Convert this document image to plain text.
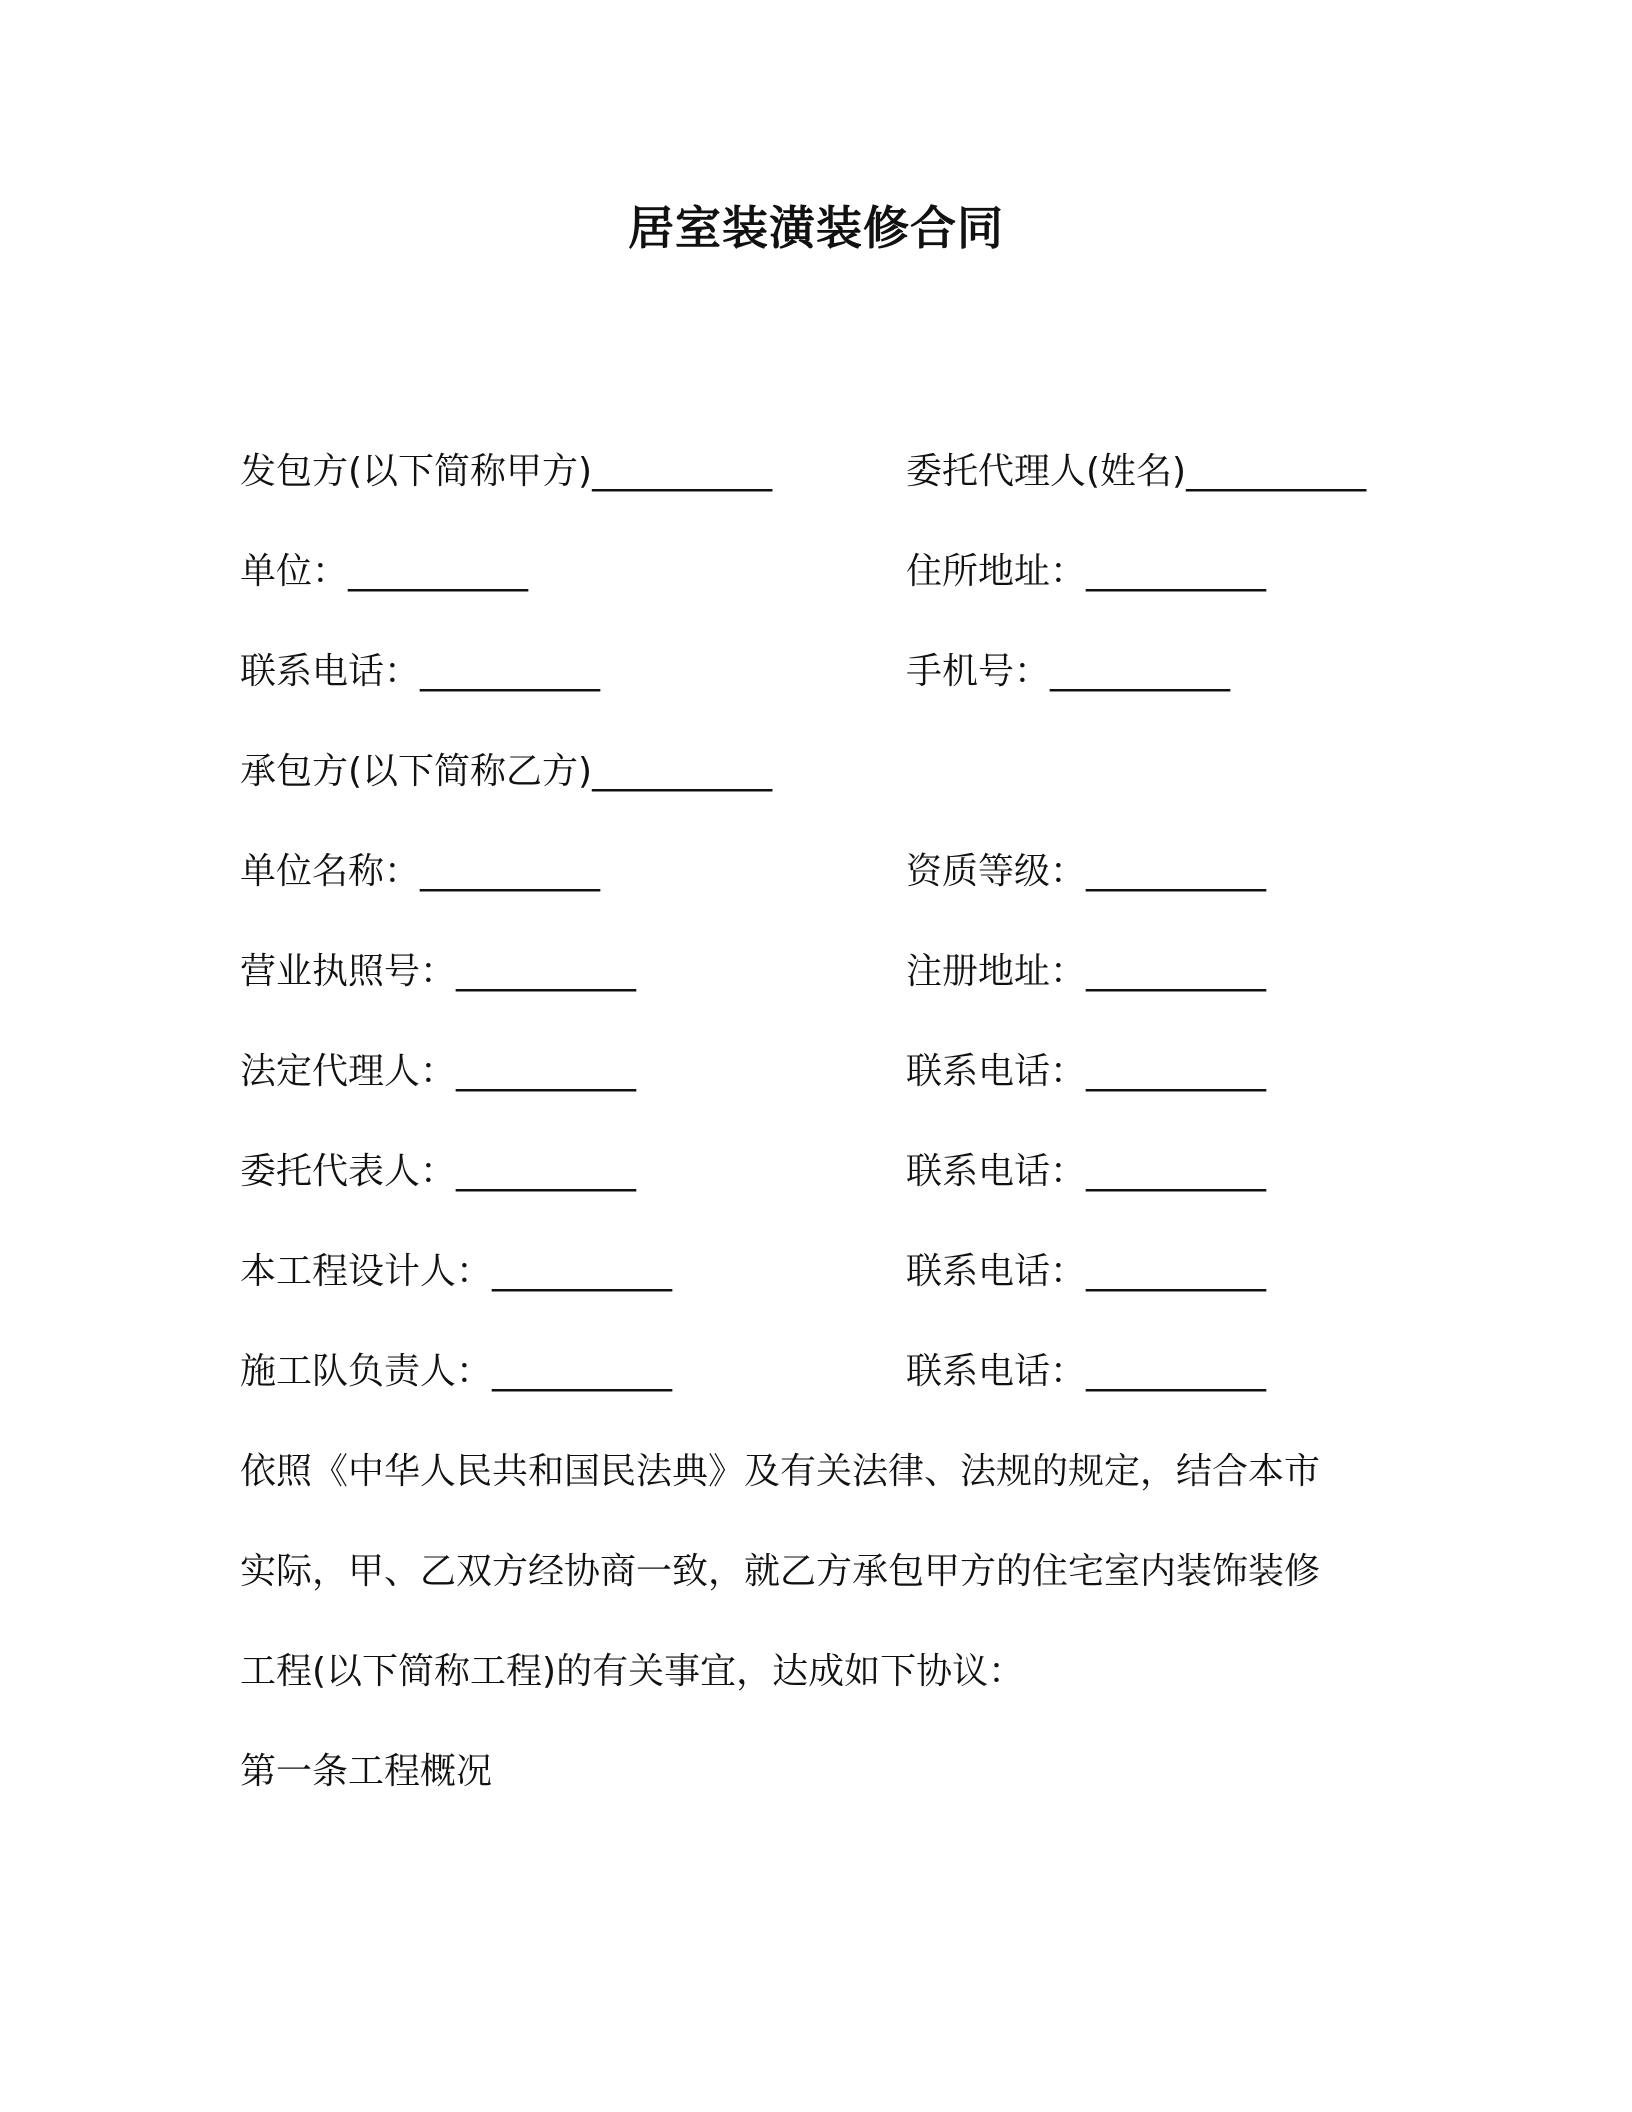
居室装潢装修合同
发包方(以下简称甲方)__________	委托代理人(姓名)__________
单位：__________	住所地址：__________
联系电话：__________	手机号：__________
承包方(以下简称乙方)__________
单位名称：__________	资质等级：__________
营业执照号：__________	注册地址：__________
法定代理人：__________	联系电话：__________
委托代表人：__________	联系电话：__________
本工程设计人：__________	联系电话：__________
施工队负责人：__________	联系电话：__________
依照《中华人民共和国民法典》及有关法律、法规的规定，结合本市
实际，甲、乙双方经协商一致，就乙方承包甲方的住宅室内装饰装修
工程(以下简称工程)的有关事宜，达成如下协议：
第一条工程概况
